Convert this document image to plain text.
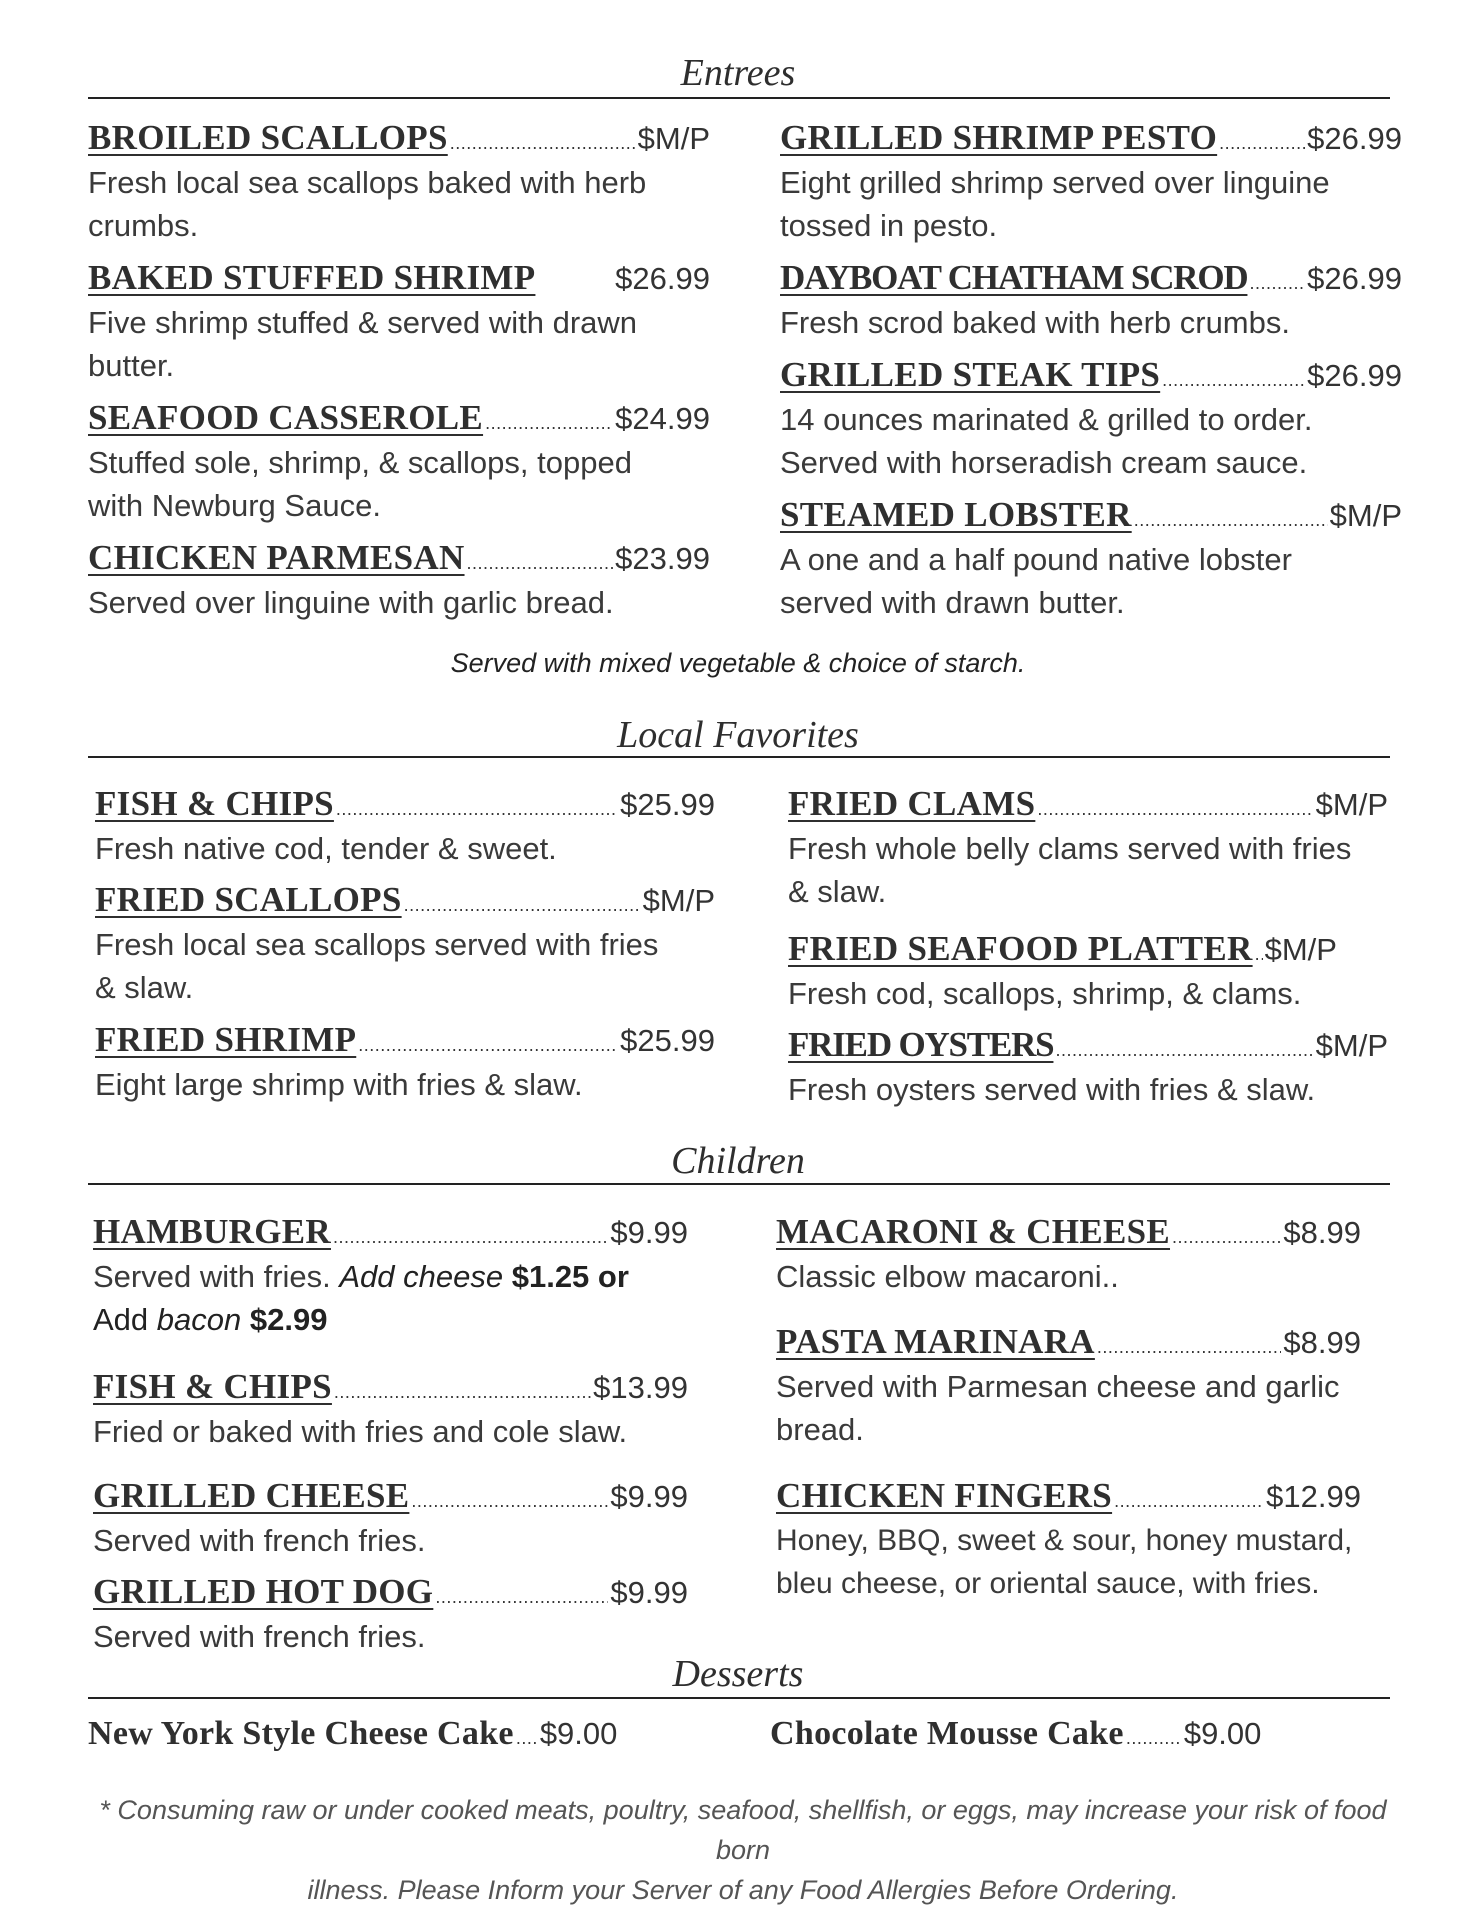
Entrees
BROILED SCALLOPS .....	$M/P
Fresh local sea scallops baked with herb
crumbs.
BAKED STUFFED SHRIMP	$26.99
Five shrimp stuffed & served with drawn
butter.
SEAFOOD CASSEROLE .....	$24.99
Stuffed sole, shrimp, & scallops, topped
with Newburg Sauce.
CHICKEN PARMESAN .....	$23.99
Served over linguine with garlic bread.
GRILLED SHRIMP PESTO .....	$26.99
Eight grilled shrimp served over linguine
tossed in pesto.
DAYBOAT CHATHAM SCROD ..... $26.99
Fresh scrod baked with herb crumbs.
GRILLED STEAK TIPS .....	$26.99
14 ounces marinated & grilled to order.
Served with horseradish cream sauce.
STEAMED LOBSTER .....	$M/P
A one and a half pound native lobster
served with drawn butter.
Served with mixed vegetable & choice of starch.
Local Favorites
FISH & CHIPS .....	$25.99
Fresh native cod, tender & sweet.
FRIED SCALLOPS .....	$M/P
Fresh local sea scallops served with fries
& slaw.
FRIED SHRIMP .....	$25.99
Eight large shrimp with fries & slaw.
FRIED CLAMS .....	$M/P
Fresh whole belly clams served with fries
& slaw.
FRIED SEAFOOD PLATTER ..... $M/P
Fresh cod, scallops, shrimp, & clams.
FRIED OYSTERS .....	$M/P
Fresh oysters served with fries & slaw.
Children
HAMBURGER .....	$9.99
Served with fries. Add cheese $1.25 or
Add bacon $2.99
FISH & CHIPS .....	$13.99
Fried or baked with fries and cole slaw.
GRILLED CHEESE .....	$9.99
Served with french fries.
GRILLED HOT DOG .....	$9.99
Served with french fries.
MACARONI & CHEESE .....	$8.99
Classic elbow macaroni..
PASTA MARINARA .....	$8.99
Served with Parmesan cheese and garlic
bread.
CHICKEN FINGERS .....	$12.99
Honey, BBQ, sweet & sour, honey mustard,
bleu cheese, or oriental sauce, with fries.
Desserts
New York Style Cheese Cake ..... $9.00	Chocolate Mousse Cake ..... $9.00
* Consuming raw or under cooked meats, poultry, seafood, shellfish, or eggs, may increase your risk of food born
illness. Please Inform your Server of any Food Allergies Before Ordering.
